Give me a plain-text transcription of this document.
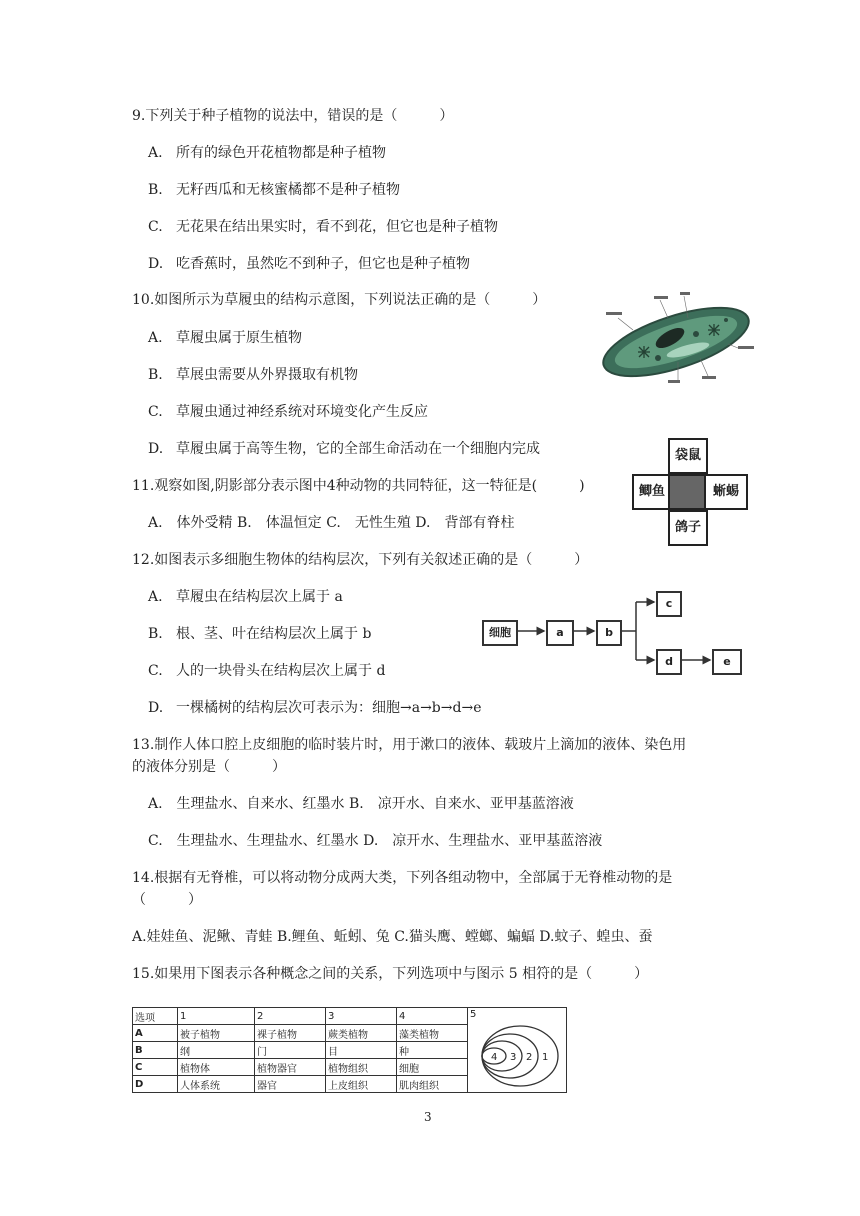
9.下列关于种子植物的说法中，错误的是（　　　）
A. 所有的绿色开花植物都是种子植物
B. 无籽西瓜和无核蜜橘都不是种子植物
C. 无花果在结出果实时，看不到花，但它也是种子植物
D. 吃香蕉时，虽然吃不到种子，但它也是种子植物
10.如图所示为草履虫的结构示意图，下列说法正确的是（　　　）
A. 草履虫属于原生植物
B. 草展虫需要从外界摄取有机物
C. 草履虫通过神经系统对环境变化产生反应
D. 草履虫属于高等生物，它的全部生命活动在一个细胞内完成
11.观察如图,阴影部分表示图中4种动物的共同特征，这一特征是(　　　)
A.　体外受精 B.　体温恒定 C.　无性生殖 D.　背部有脊柱
袋鼠
鲫鱼	蜥蜴
鸽子
12.如图表示多细胞生物体的结构层次，下列有关叙述正确的是（　　　）
A. 草履虫在结构层次上属于 a
B. 根、茎、叶在结构层次上属于 b
C. 人的一块骨头在结构层次上属于 d
D. 一棵橘树的结构层次可表示为：细胞→a→b→d→e
细胞	a	b
c
d	e
13.制作人体口腔上皮细胞的临时装片时，用于漱口的液体、载玻片上滴加的液体、染色用
的液体分别是（　　　）
A.　生理盐水、自来水、红墨水 B.　凉开水、自来水、亚甲基蓝溶液
C.　生理盐水、生理盐水、红墨水 D.　凉开水、生理盐水、亚甲基蓝溶液
14.根据有无脊椎，可以将动物分成两大类，下列各组动物中，全部属于无脊椎动物的是
（　　　）
A.娃娃鱼、泥鳅、青蛙 B.鲤鱼、蚯蚓、兔 C.猫头鹰、螳螂、蝙蝠 D.蚊子、蝗虫、蚕
15.如果用下图表示各种概念之间的关系，下列选项中与图示 5 相符的是（　　　）
选项	1	2	3	4	5
4 3 2 1

A	被子植物	裸子植物	蕨类植物	藻类植物	
B	纲	门	目	种	
C	植物体	植物器官	植物组织	细胞	
D	人体系统	器官	上皮组织	肌肉组织	
3
